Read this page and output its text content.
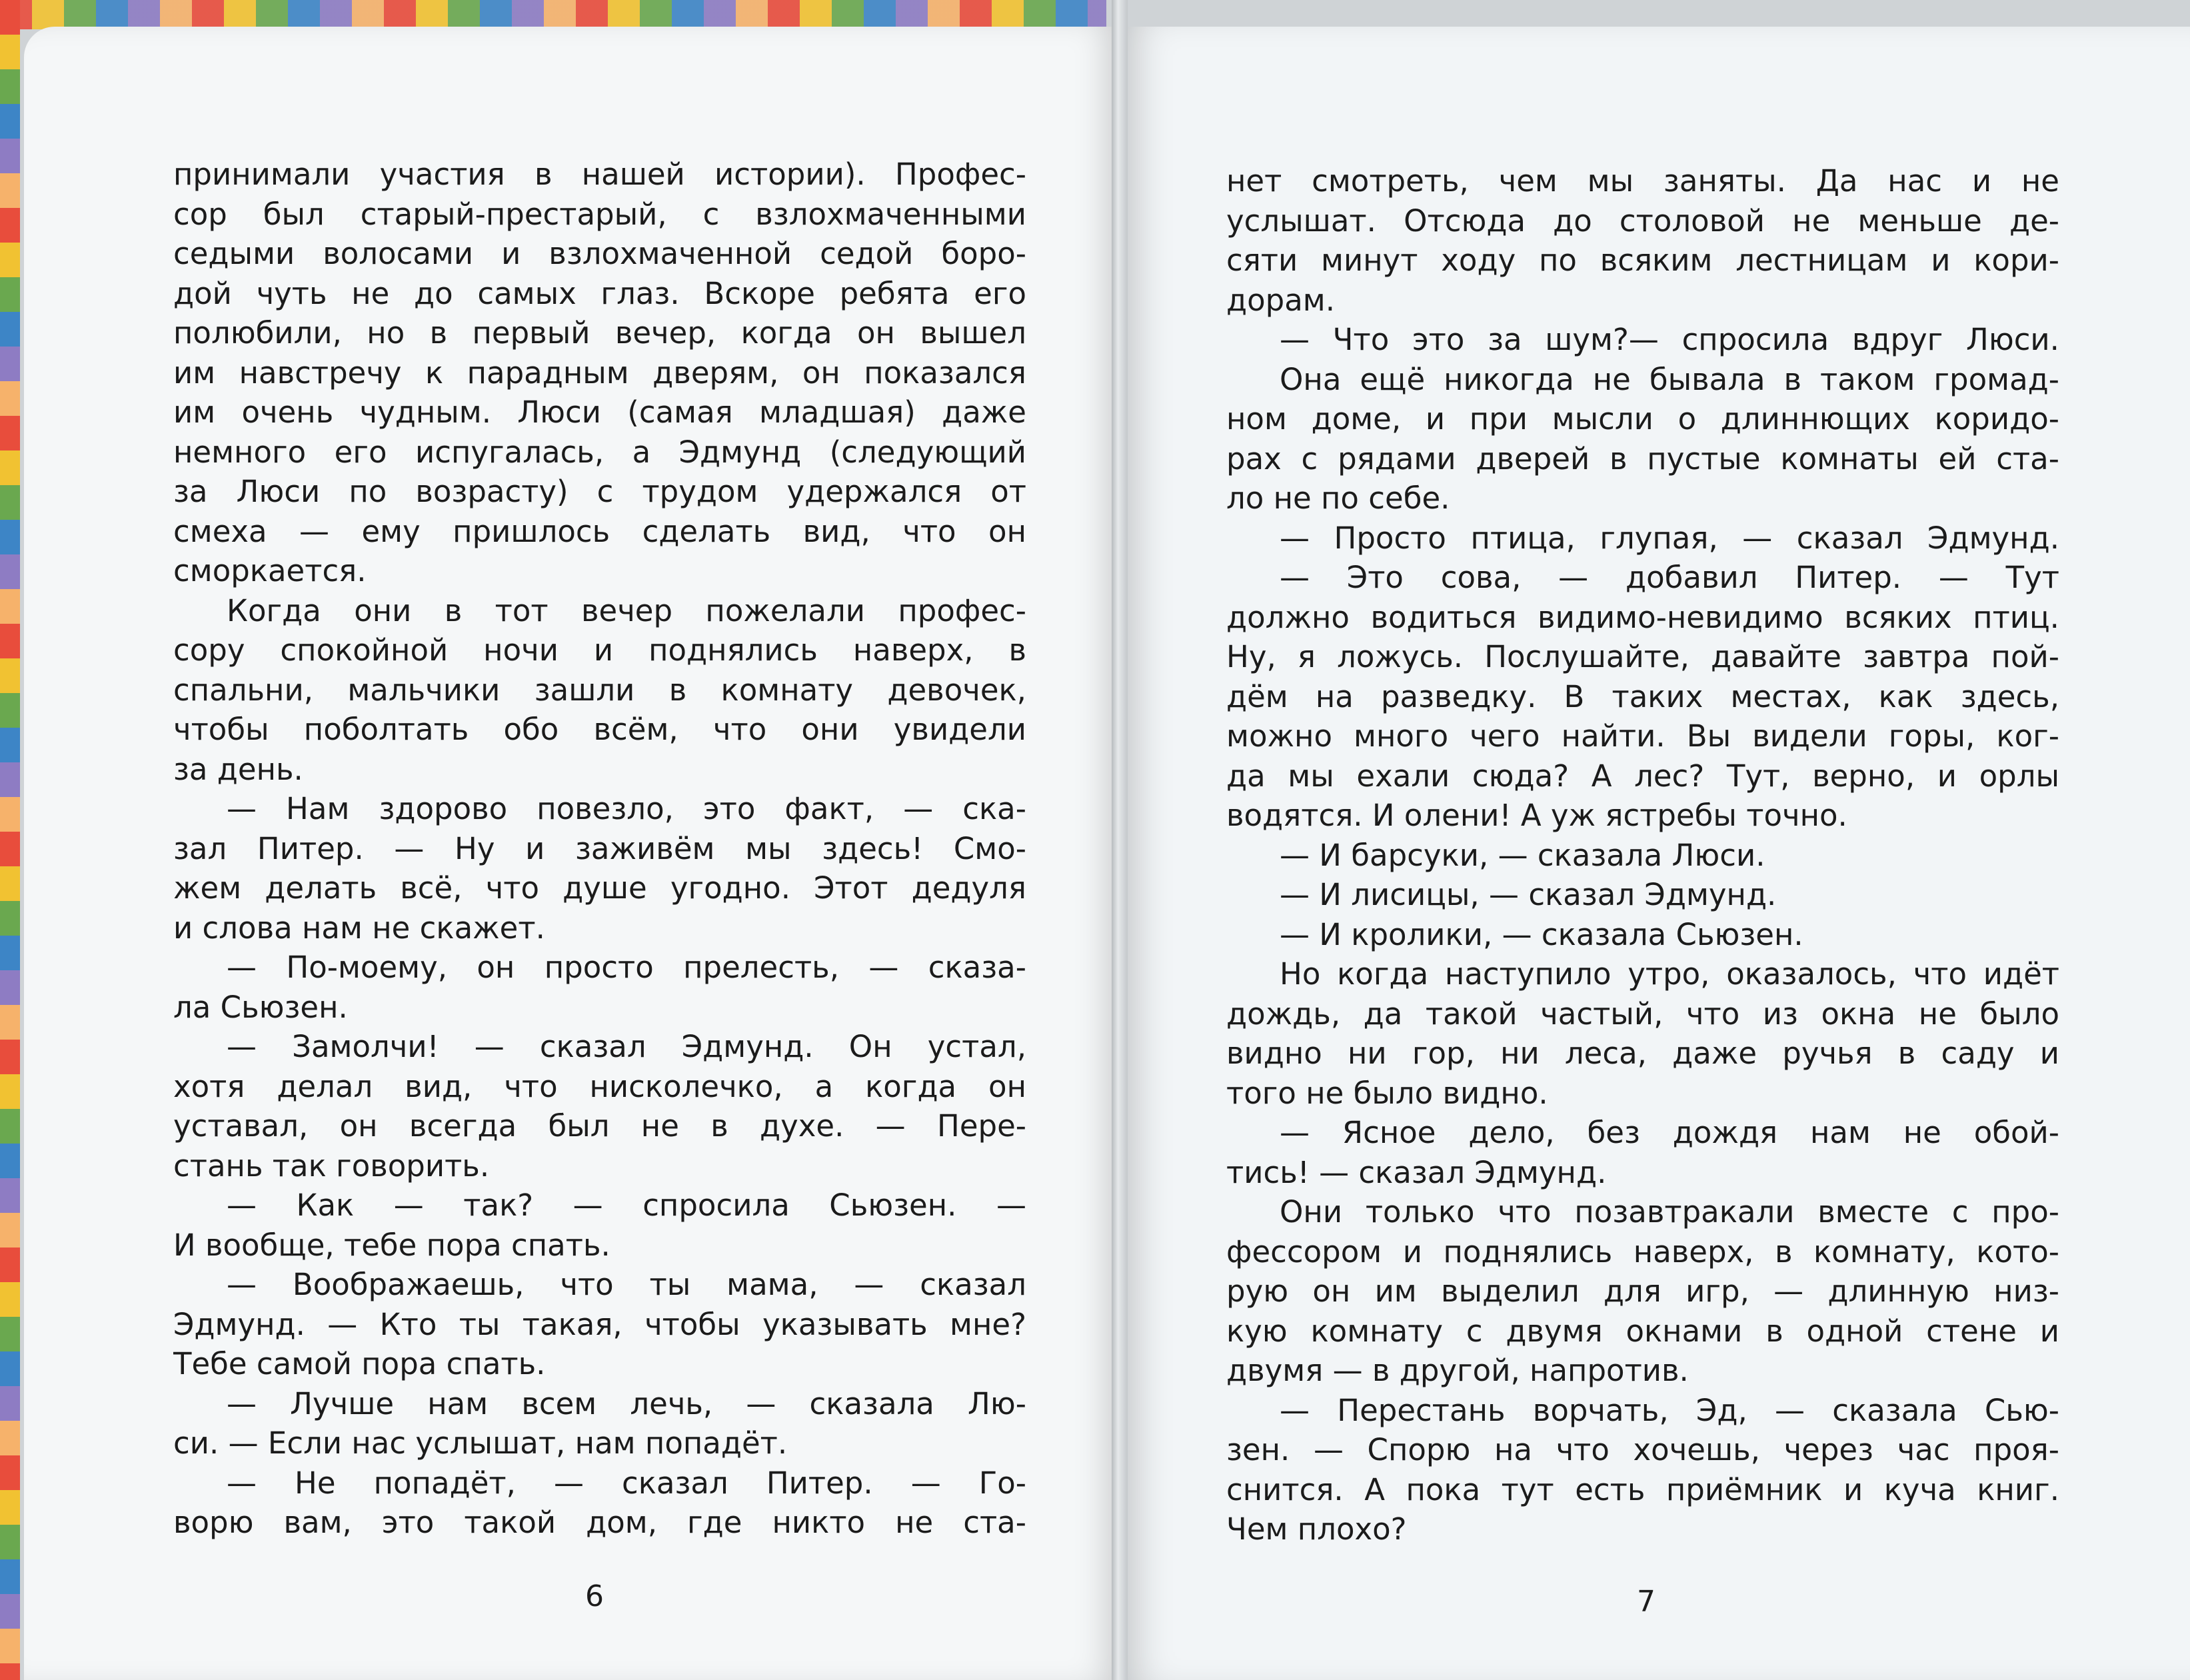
принимали участия в нашей истории). Профес-
сор был старый-престарый, с взлохмаченными
седыми волосами и взлохмаченной седой боро-
дой чуть не до самых глаз. Вскоре ребята его
полюбили, но в первый вечер, когда он вышел
им навстречу к парадным дверям, он показался
им очень чудным. Люси (самая младшая) даже
немного его испугалась, а Эдмунд (следующий
за Люси по возрасту) с трудом удержался от
смеха — ему пришлось сделать вид, что он
сморкается.
Когда они в тот вечер пожелали профес-
сору спокойной ночи и поднялись наверх, в
спальни, мальчики зашли в комнату девочек,
чтобы поболтать обо всём, что они увидели
за день.
— Нам здорово повезло, это факт, — ска-
зал Питер. — Ну и заживём мы здесь! Смо-
жем делать всё, что душе угодно. Этот дедуля
и слова нам не скажет.
— По-моему, он просто прелесть, — сказа-
ла Сьюзен.
— Замолчи! — сказал Эдмунд. Он устал,
хотя делал вид, что нисколечко, а когда он
уставал, он всегда был не в духе. — Пере-
стань так говорить.
— Как — так? — спросила Сьюзен. —
И вообще, тебе пора спать.
— Воображаешь, что ты мама, — сказал
Эдмунд. — Кто ты такая, чтобы указывать мне?
Тебе самой пора спать.
— Лучше нам всем лечь, — сказала Лю-
си. — Если нас услышат, нам попадёт.
— Не попадёт, — сказал Питер. — Го-
ворю вам, это такой дом, где никто не ста-
нет смотреть, чем мы заняты. Да нас и не
услышат. Отсюда до столовой не меньше де-
сяти минут ходу по всяким лестницам и кори-
дорам.
— Что это за шум?— спросила вдруг Люси.
Она ещё никогда не бывала в таком громад-
ном доме, и при мысли о длиннющих коридо-
рах с рядами дверей в пустые комнаты ей ста-
ло не по себе.
— Просто птица, глупая, — сказал Эдмунд.
— Это сова, — добавил Питер. — Тут
должно водиться видимо-невидимо всяких птиц.
Ну, я ложусь. Послушайте, давайте завтра пой-
дём на разведку. В таких местах, как здесь,
можно много чего найти. Вы видели горы, ког-
да мы ехали сюда? А лес? Тут, верно, и орлы
водятся. И олени! А уж ястребы точно.
— И барсуки, — сказала Люси.
— И лисицы, — сказал Эдмунд.
— И кролики, — сказала Сьюзен.
Но когда наступило утро, оказалось, что идёт
дождь, да такой частый, что из окна не было
видно ни гор, ни леса, даже ручья в саду и
того не было видно.
— Ясное дело, без дождя нам не обой-
тись! — сказал Эдмунд.
Они только что позавтракали вместе с про-
фессором и поднялись наверх, в комнату, кото-
рую он им выделил для игр, — длинную низ-
кую комнату с двумя окнами в одной стене и
двумя — в другой, напротив.
— Перестань ворчать, Эд, — сказала Сью-
зен. — Спорю на что хочешь, через час проя-
снится. А пока тут есть приёмник и куча книг.
Чем плохо?
6	7
